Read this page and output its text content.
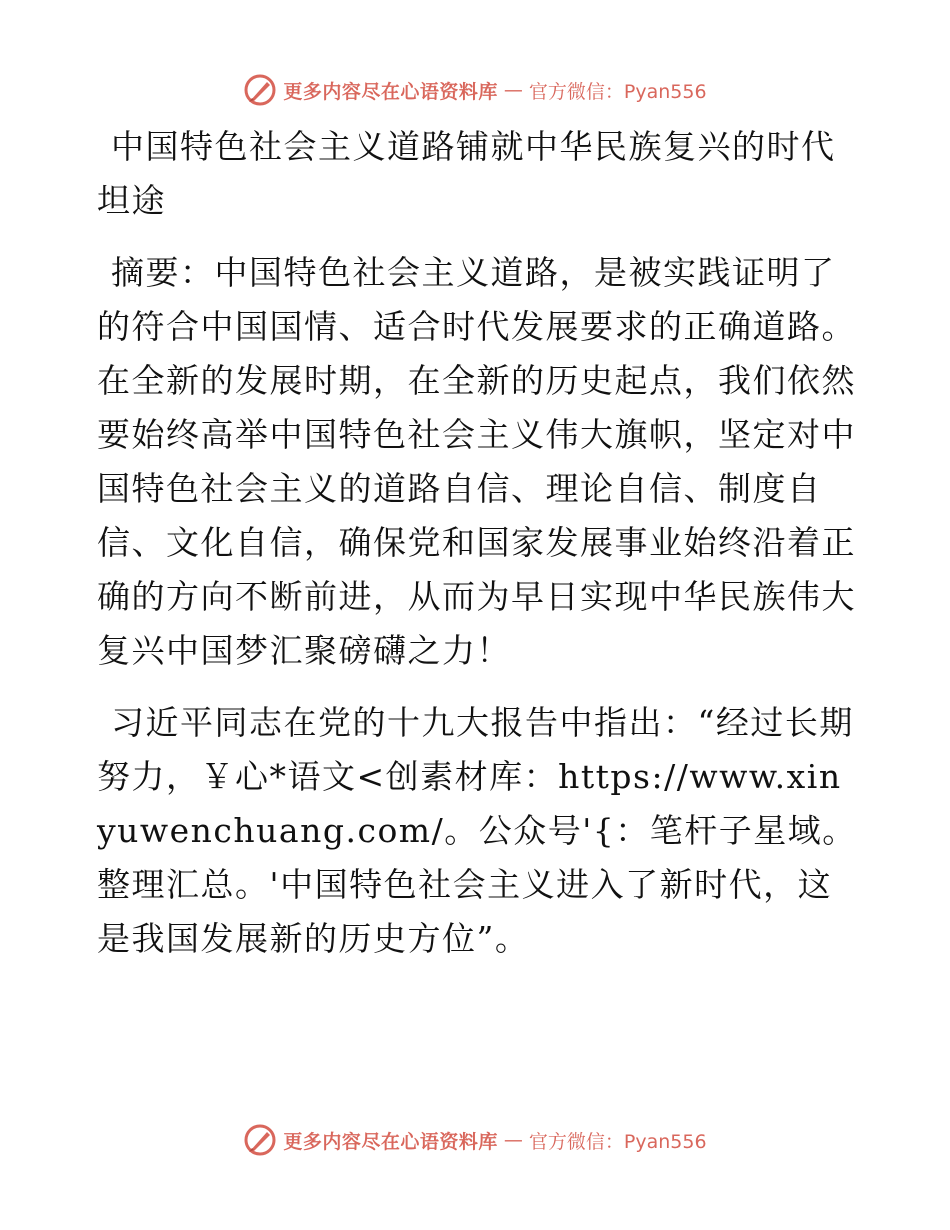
更多内容尽在心语资料库 — 官方微信：Pyan556

中国特色社会主义道路铺就中华民族复兴的时代坦途

摘要：中国特色社会主义道路，是被实践证明了的符合中国国情、适合时代发展要求的正确道路。在全新的发展时期，在全新的历史起点，我们依然要始终高举中国特色社会主义伟大旗帜，坚定对中国特色社会主义的道路自信、理论自信、制度自信、文化自信，确保党和国家发展事业始终沿着正确的方向不断前进，从而为早日实现中华民族伟大复兴中国梦汇聚磅礴之力！

习近平同志在党的十九大报告中指出：“经过长期努力，￥心*语文<创素材库：https://www.xinyuwenchuang.com/。公众号'{：笔杆子星域。整理汇总。'中国特色社会主义进入了新时代，这是我国发展新的历史方位”。

更多内容尽在心语资料库 — 官方微信：Pyan556
